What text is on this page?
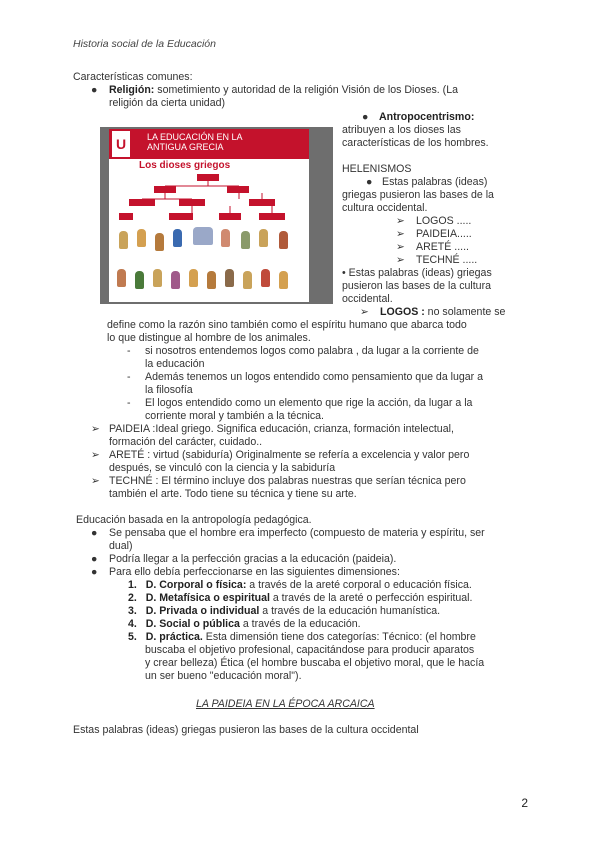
Historia social de la Educación
Características comunes:
● Religión: sometimiento y autoridad de la religión Visión de los Dioses. (La
religión da cierta unidad)
LA EDUCACIÓN EN LA
ANTIGUA GRECIA
U
Los dioses griegos
● Antropocentrismo:
atribuyen a los dioses las
características de los hombres.
HELENISMOS
● Estas palabras (ideas)
griegas pusieron las bases de la
cultura occidental.
➢ LOGOS .....
➢ PAIDEIA.....
➢ ARETÉ .....
➢ TECHNÉ .....
• Estas palabras (ideas) griegas
pusieron las bases de la cultura
occidental.
➢ LOGOS : no solamente se
define como la razón sino también como el espíritu humano que abarca todo
lo que distingue al hombre de los animales.
- si nosotros entendemos logos como palabra , da lugar a la corriente de
la educación
- Además tenemos un logos entendido como pensamiento que da lugar a
la filosofía
- El logos entendido como un elemento que rige la acción, da lugar a la
corriente moral y también a la técnica.
➢ PAIDEIA :Ideal griego. Significa educación, crianza, formación intelectual,
formación del carácter, cuidado..
➢ ARETÉ : virtud (sabiduría) Originalmente se refería a excelencia y valor pero
después, se vinculó con la ciencia y la sabiduría
➢ TECHNÉ : El término incluye dos palabras nuestras que serían técnica pero
también el arte. Todo tiene su técnica y tiene su arte.
Educación basada en la antropología pedagógica.
● Se pensaba que el hombre era imperfecto (compuesto de materia y espíritu, ser
dual)
● Podría llegar a la perfección gracias a la educación (paideia).
● Para ello debía perfeccionarse en las siguientes dimensiones:
1. D. Corporal o física: a través de la areté corporal o educación física.
2. D. Metafísica o espiritual a través de la areté o perfección espiritual.
3. D. Privada o individual a través de la educación humanística.
4. D. Social o pública a través de la educación.
5. D. práctica. Esta dimensión tiene dos categorías: Técnico: (el hombre
buscaba el objetivo profesional, capacitándose para producir aparatos
y crear belleza) Ética (el hombre buscaba el objetivo moral, que le hacía
un ser bueno "educación moral").
LA PAIDEIA EN LA ÉPOCA ARCAICA
Estas palabras (ideas) griegas pusieron las bases de la cultura occidental
2
